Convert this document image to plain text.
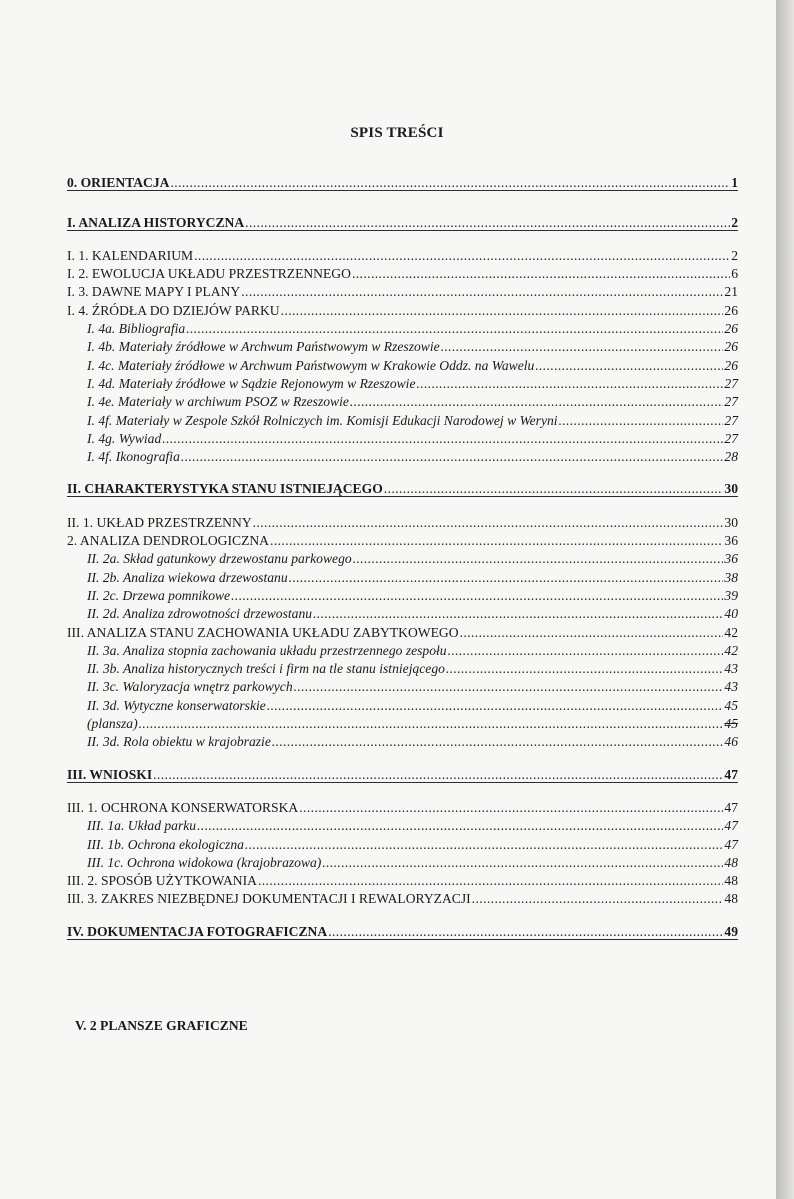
SPIS TREŚCI
0. ORIENTACJA .....	1
I. ANALIZA HISTORYCZNA .....	2
I. 1. KALENDARIUM .....	2
I. 2. EWOLUCJA UKŁADU PRZESTRZENNEGO .....	6
I. 3. DAWNE MAPY I PLANY .....	21
I. 4. ŹRÓDŁA DO DZIEJÓW PARKU .....	26
I. 4a. Bibliografia .....	26
I. 4b. Materiały źródłowe w Archwum Państwowym w Rzeszowie .....	26
I. 4c. Materiały źródłowe w Archwum Państwowym w Krakowie Oddz. na Wawelu .....	26
I. 4d. Materiały źródłowe w Sądzie Rejonowym w Rzeszowie .....	27
I. 4e. Materiały w archiwum PSOZ w Rzeszowie .....	27
I. 4f. Materiały w Zespole Szkół Rolniczych im. Komisji Edukacji Narodowej w Weryni .....	27
I. 4g. Wywiad .....	27
I. 4f. Ikonografia .....	28
II. CHARAKTERYSTYKA STANU ISTNIEJĄCEGO .....	30
II. 1. UKŁAD PRZESTRZENNY .....	30
2. ANALIZA DENDROLOGICZNA .....	36
II. 2a. Skład gatunkowy drzewostanu parkowego .....	36
II. 2b. Analiza wiekowa drzewostanu .....	38
II. 2c. Drzewa pomnikowe .....	39
II. 2d. Analiza zdrowotności drzewostanu .....	40
III. ANALIZA STANU ZACHOWANIA UKŁADU ZABYTKOWEGO .....	42
II. 3a. Analiza stopnia zachowania układu przestrzennego zespołu .....	42
II. 3b. Analiza historycznych treści i firm na tle stanu istniejącego .....	43
II. 3c. Waloryzacja wnętrz parkowych .....	43
II. 3d. Wytyczne konserwatorskie .....	45
(plansza) .....	45
II. 3d. Rola obiektu w krajobrazie .....	46
III. WNIOSKI .....	47
III. 1. OCHRONA KONSERWATORSKA .....	47
III. 1a. Układ parku .....	47
III. 1b. Ochrona ekologiczna .....	47
III. 1c. Ochrona widokowa (krajobrazowa) .....	48
III. 2. SPOSÓB UŻYTKOWANIA .....	48
III. 3. ZAKRES NIEZBĘDNEJ DOKUMENTACJI I REWALORYZACJI .....	48
IV. DOKUMENTACJA FOTOGRAFICZNA .....	49
V. 2 PLANSZE GRAFICZNE
